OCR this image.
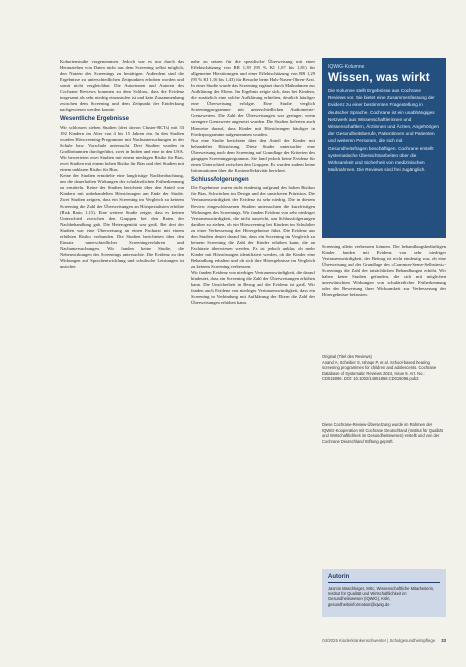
Kohortenstudie vorgenommen. Jedoch war es nur durch das Heranziehen von Daten nicht aus dem Screening selbst möglich, den Nutzen des Screenings zu bestätigen. Außerdem sind die Ergebnisse zu unterschiedlichen Zeitpunkten erhoben worden und somit nicht vergleichbar. Die Autorinnen und Autoren des Cochrane Reviews kommen zu dem Schluss, dass die Evidenz insgesamt als sehr niedrig einzustufen ist und kein Zusammenhang zwischen dem Screening und dem Zeitpunkt der Entdeckung nachgewiesen werden konnte.

Wesentliche Ergebnisse

Wir schlossen sieben Studien (drei davon Cluster-RCTs) mit 33 192 Kindern im Alter von 4 bis 15 Jahren ein. In den Studien wurden Hörscreening-Programme mit Nachuntersuchungen in der Schule bzw. Vorschule untersucht. Drei Studien wurden in Großbritannien durchgeführt, zwei in Indien und eine in den USA. Wir bewerteten zwei Studien mit einem niedrigen Risiko für Bias, zwei Studien mit einem hohen Risiko für Bias und drei Studien mit einem unklaren Risiko für Bias.

Keine der Studien ermittelte eine langfristige Nachbeobachtung, um die dauerhaften Wirkungen der schulärztlichen Früherkennung zu ermitteln. Keine der Studien berichtete über den Anteil von Kindern mit unbehandelten Hörstörungen am Ende der Studie. Zwei Studien zeigten, dass ein Screening im Vergleich zu keinem Screening die Zahl der Überweisungen an Hörspezialisten erhöhte (Risk Ratio 1,15). Eine weitere Studie zeigte, dass es keinen Unterschied zwischen den Gruppen bei den Raten der Nachbehandlung gab. Die Heterogenität war groß. Bei drei der Studien war eine Überweisung an einen Facharzt mit einem erhöhten Risiko verbunden. Die Studien berichteten über den Einsatz unterschiedlicher Screeningverfahren und Nachuntersuchungen. Wir fanden keine Studie, die Nebenwirkungen des Screenings untersuchte. Die Evidenz zu den Wirkungen auf Sprachentwicklung und schulische Leistungen ist unsicher.

nahe zu setzen für die spezifische Überweisung mit einer Effektschätzung von RR 1,39 (95 % KI 1,07 bis 1,81) für allgemeine Hörstörungen und einer Effektschätzung von RR 1,29 (95 % KI 1,16 bis 1,43) für Besuche beim Hals-Nasen-Ohren-Arzt. In einer Studie wurde das Screening ergänzt durch Maßnahmen zur Aufklärung der Eltern. Im Ergebnis zeigte sich, dass bei Kindern, die zusätzlich eine solche Aufklärung erhielten, deutlich häufiger eine Überweisung erfolgte. Eine Studie verglich Screeningprogramme mit unterschiedlichen Audiometrie-Grenzwerten. Die Zahl der Überweisungen war geringer, wenn strengere Grenzwerte angesetzt wurden. Die Studien lieferten auch Hinweise darauf, dass Kinder mit Hörstörungen häufiger in Förderprogramme aufgenommen wurden.

Nur eine Studie berichtete über den Anteil der Kinder mit behandelter Hörstörung. Diese Studie untersuchte eine Überweisung nach dem Screening auf Grundlage der Kriterien des gängigen Screeningprogramms. Sie fand jedoch keine Evidenz für einen Unterschied zwischen den Gruppen. Es wurden zudem keine Informationen über die Kosteneffektivität berichtet.

Schlussfolgerungen

Die Ergebnisse waren nicht eindeutig aufgrund des hohen Risikos für Bias, Schwächen im Design und der unsicheren Präzision. Die Vertrauenswürdigkeit der Evidenz ist sehr niedrig. Die in diesem Review eingeschlossenen Studien untersuchten die kurzfristigen Wirkungen des Screenings. Wir fanden Evidenz von sehr niedriger Vertrauenswürdigkeit, die nicht ausreicht, um Schlussfolgerungen darüber zu ziehen, ob ein Hörscreening bei Kindern im Schulalter zu einer Verbesserung der Hörergebnisse führt. Die Evidenz aus den Studien deutet darauf hin, dass ein Screening im Vergleich zu keinem Screening die Zahl der Kinder erhöhen kann, die an Fachärzte überwiesen werden. Es ist jedoch unklar, ob mehr Kinder mit Hörstörungen identifiziert werden, ob die Kinder eine Behandlung erhalten und ob sich ihre Hörergebnisse im Vergleich zu keinem Screening verbessern.

Wir fanden Evidenz von niedriger Vertrauenswürdigkeit, die darauf hindeutet, dass ein Screening die Zahl der Überweisungen erhöhen kann. Die Unsicherheit in Bezug auf die Evidenz ist groß. Wir fanden auch Evidenz von niedriger Vertrauenswürdigkeit, dass ein Screening in Verbindung mit Aufklärung der Eltern die Zahl der Überweisungen erhöhen kann.

IQWiG-Kolumne
Wissen, was wirkt
Die Kolumne stellt Ergebnisse aus Cochrane Reviews vor. Sie bietet eine Zusammenfassung der Evidenz zu einer bestimmten Fragestellung in deutscher Sprache. Cochrane ist ein unabhängiges Netzwerk aus Wissenschaftlerinnen und Wissenschaftlern, Ärztinnen und Ärzten, Angehörigen der Gesundheitsberufe, Patientinnen und Patienten und weiteren Personen, die sich mit Gesundheitsfragen beschäftigen. Cochrane erstellt systematische Übersichtsarbeiten über die Wirksamkeit und Sicherheit von medizinischen Maßnahmen. Die Reviews sind frei zugänglich.

Screening allein verbessern können. Die behandlungsbedürftigen Kinder fanden mit Evidenz von sehr niedriger Vertrauenswürdigkeit, der Beitrag ist nicht eindeutig war, ob eine Überweisung auf der Grundlage des »Common-Sense-Selbsttest«-Screenings die Zahl der tatsächlichen Behandlungen erhöht. Wir haben keine Studien gefunden, die sich mit möglichen unerwünschten Wirkungen von schulärztlicher Früherkennung oder der Bewertung ihrer Wirksamkeit zur Verbesserung der Hörergebnisse befassten.

Original (Titel des Reviews)
Anand A, Scheiber S, Ishaqe P, et al. School-based hearing screening programmes for children and adolescents. Cochrane Database of Systematic Reviews 2024, Issue 8. Art. No.: CD015096. DOI: 10.1002/14651858.CD015096.pub2
Diese Cochrane-Review-Übersetzung wurde im Rahmen der IQWiG-Kooperation mit Cochrane Deutschland (Institut für Qualität und Wirtschaftlichkeit im Gesundheitswesen) erstellt und von der Cochrane Deutschland Stiftung geprüft.
Autorin
Jasmin Maschleiger, MSc, Wissenschaftliche Mitarbeiterin, Institut für Qualität und Wirtschaftlichkeit im Gesundheitswesen (IQWiG), Köln, gesundheitsinformation@iqwig.de
04/2025 Kinderkrankenschwester | Schulgesundheitspflege 33
